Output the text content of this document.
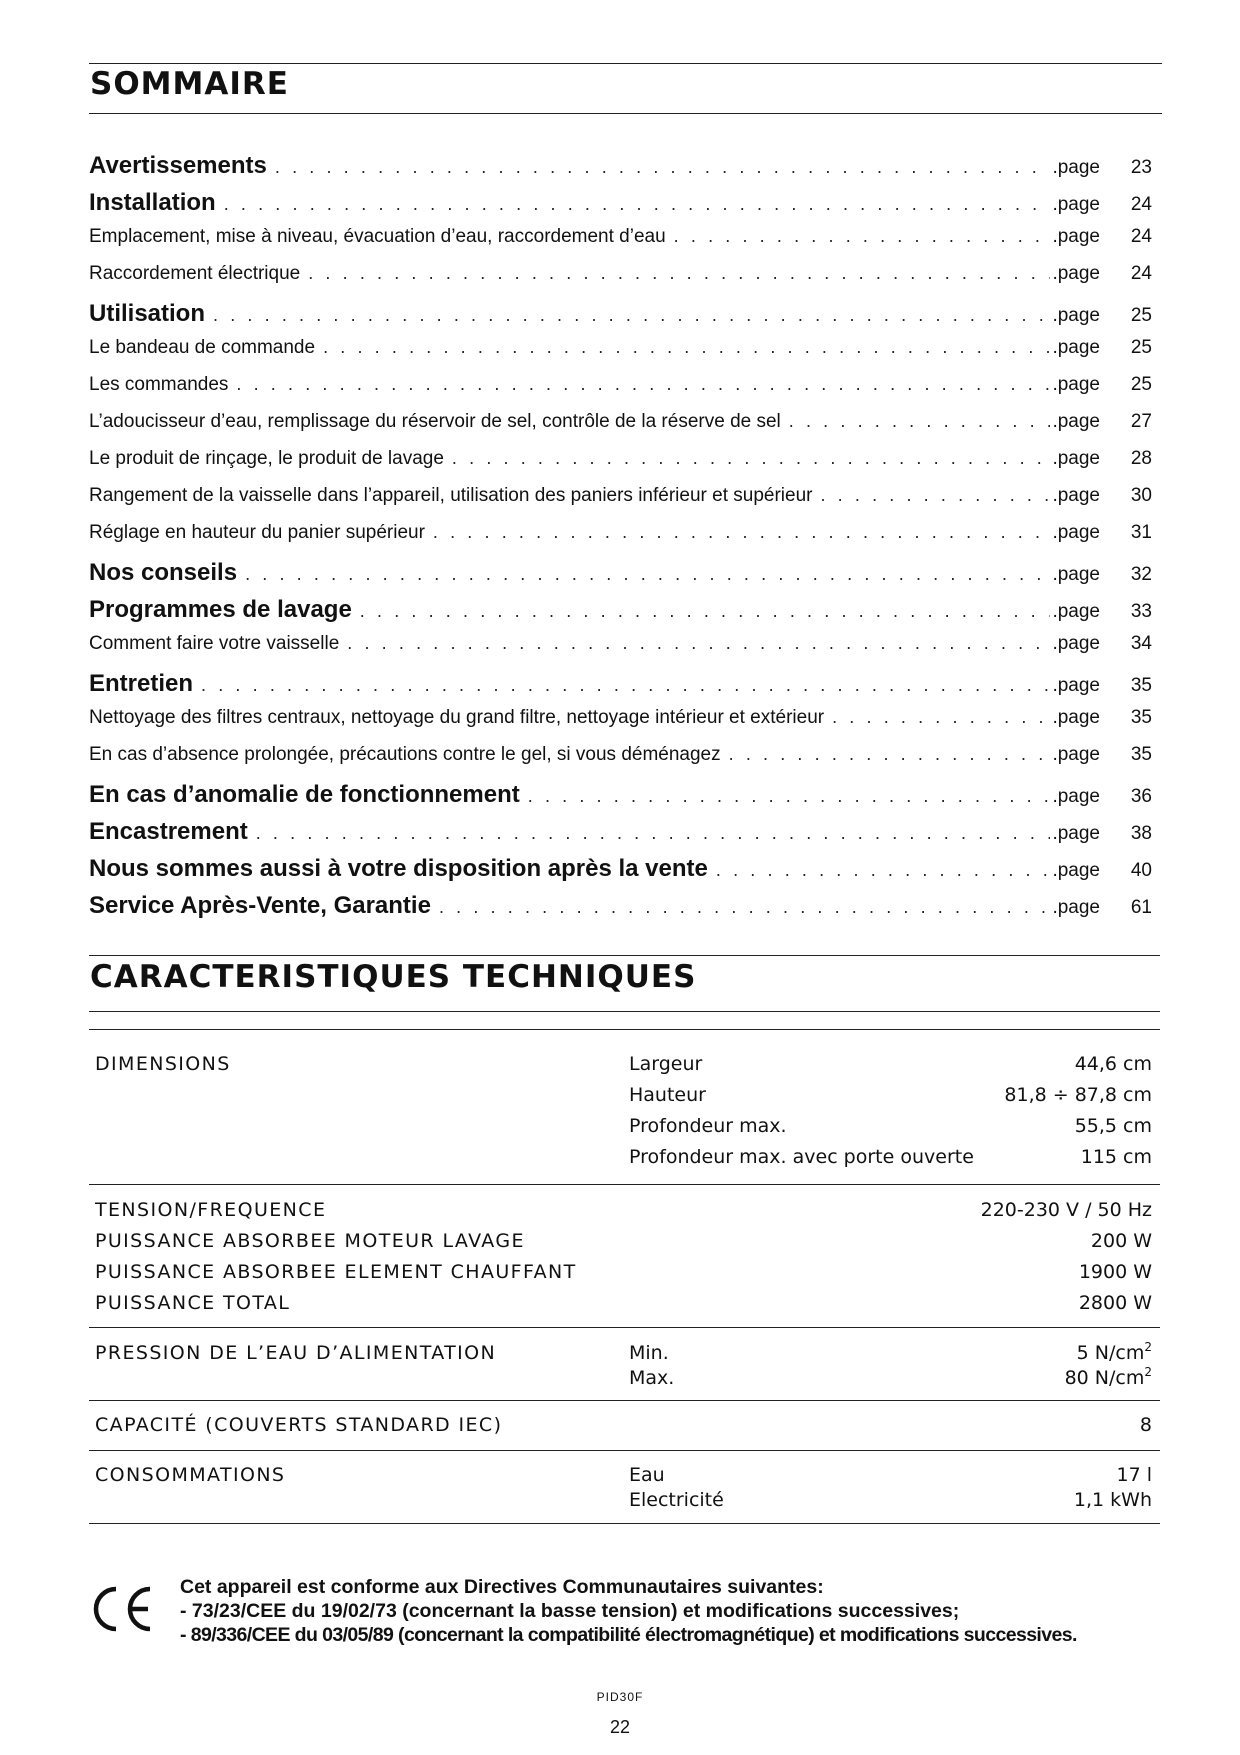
SOMMAIRE
Avertissements . . .	.page	23
Installation . . .	.page	24
Emplacement, mise à niveau, évacuation d’eau, raccordement d’eau . . .	.page	24
Raccordement électrique . . .	.page	24
Utilisation . . .	.page	25
Le bandeau de commande . . .	.page	25
Les commandes . . .	.page	25
L’adoucisseur d’eau, remplissage du réservoir de sel, contrôle de la réserve de sel . . .	.page	27
Le produit de rinçage, le produit de lavage . . .	.page	28
Rangement de la vaisselle dans l’appareil, utilisation des paniers inférieur et supérieur . . .	.page	30
Réglage en hauteur du panier supérieur . . .	.page	31
Nos conseils . . .	.page	32
Programmes de lavage . . .	.page	33
Comment faire votre vaisselle . . .	.page	34
Entretien . . .	.page	35
Nettoyage des filtres centraux, nettoyage du grand filtre, nettoyage intérieur et extérieur . . .	.page	35
En cas d’absence prolongée, précautions contre le gel, si vous déménagez . . .	.page	35
En cas d’anomalie de fonctionnement . . .	.page	36
Encastrement . . .	.page	38
Nous sommes aussi à votre disposition après la vente . . .	.page	40
Service Après-Vente, Garantie . . .	.page	61
CARACTERISTIQUES TECHNIQUES
DIMENSIONS	Largeur	44,6 cm
Hauteur	81,8 ÷ 87,8 cm
Profondeur max.	55,5 cm
Profondeur max. avec porte ouverte	115 cm
TENSION/FREQUENCE	220-230 V / 50 Hz
PUISSANCE ABSORBEE MOTEUR LAVAGE	200 W
PUISSANCE ABSORBEE ELEMENT CHAUFFANT	1900 W
PUISSANCE TOTAL	2800 W
PRESSION DE L’EAU D’ALIMENTATION	Min.	5 $N/cm^2$
Max.	80 $N/cm^2$
CAPACITÉ (COUVERTS STANDARD IEC)	8
CONSOMMATIONS	Eau	17 l
Electricité	1,1 kWh
Cet appareil est conforme aux Directives Communautaires suivantes:
- 73/23/CEE du 19/02/73 (concernant la basse tension) et modifications successives;
- 89/336/CEE du 03/05/89 (concernant la compatibilité électromagnétique) et modifications successives.
PID30F
22
